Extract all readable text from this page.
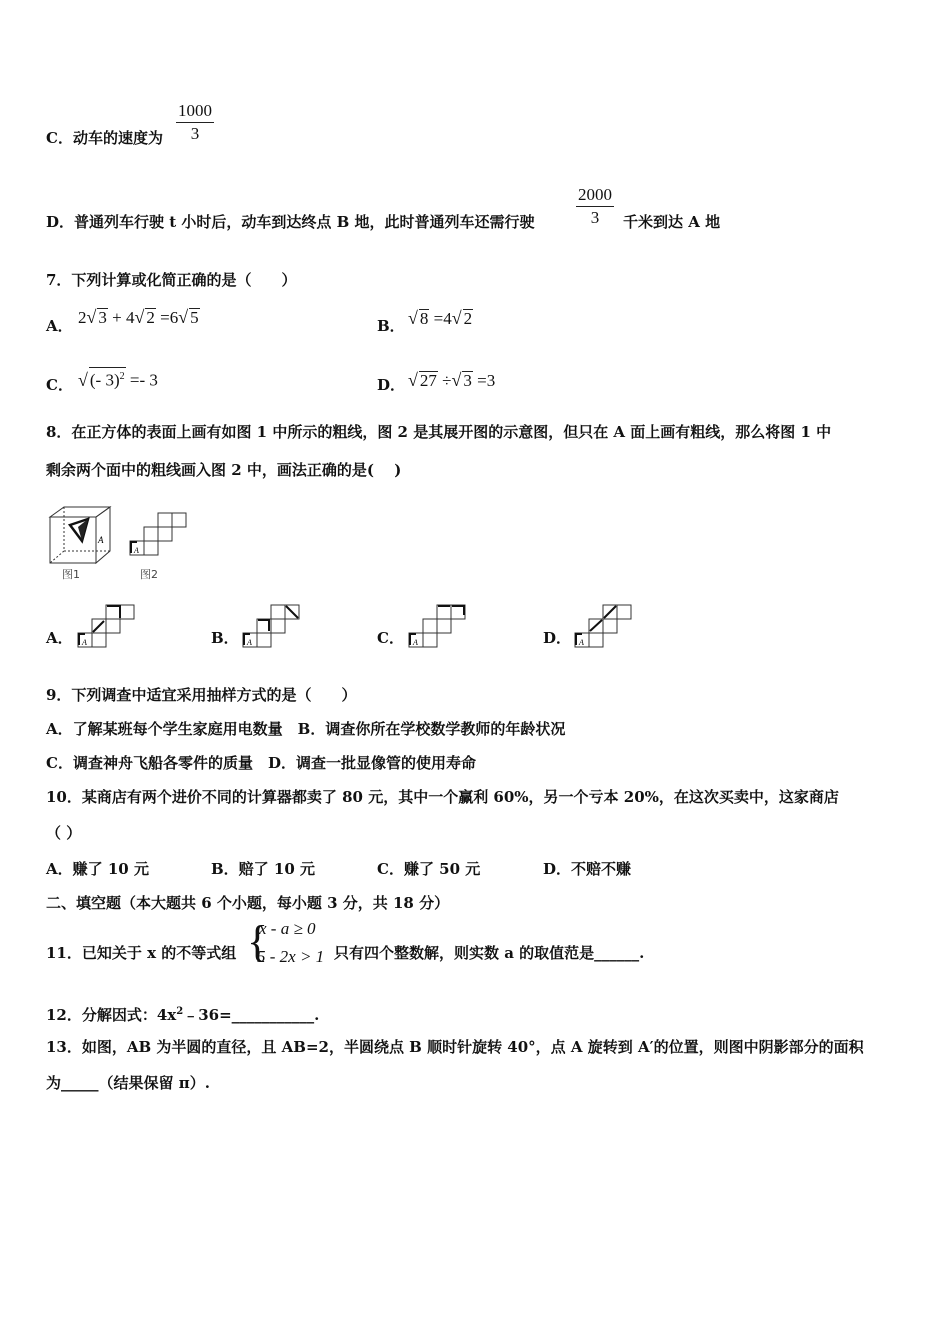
C．动车的速度为 $\frac{1000}{3}$
D．普通列车行驶 t 小时后，动车到达终点 B 地，此时普通列车还需行驶 $\frac{2000}{3}$ 千米到达 A 地
7．下列计算或化简正确的是（　　）
A． 2√ 3 + 4√ 2 =6√ 5	B． √ 8 =4√ 2
C． √ (- 3)$^2$ =- 3	D． √ 27 ÷√ 3 =3
8．在正方体的表面上画有如图 1 中所示的粗线，图 2 是其展开图的示意图，但只在 A 面上画有粗线，那么将图 1 中
剩余两个面中的粗线画入图 2 中，画法正确的是(　 )
A
图1
A
图2
A． A	B． A	C． A	D． A
9．下列调查中适宜采用抽样方式的是（　　）
A．了解某班每个学生家庭用电数量　B．调查你所在学校数学教师的年龄状况
C．调查神舟飞船各零件的质量　D．调查一批显像管的使用寿命
10．某商店有两个进价不同的计算器都卖了 80 元，其中一个赢利 60%，另一个亏本 20%，在这次买卖中，这家商店
（ ）
A．赚了 10 元	B．赔了 10 元	C．赚了 50 元	D．不赔不赚
二、填空题（本大题共 6 个小题，每小题 3 分，共 18 分）
11．已知关于 x 的不等式组 {
x - a ≥ 0
5 - 2x > 1 只有四个整数解，则实数 a 的取值范是______.
12．分解因式：$4x^2﹣36=\_\_\_\_\_\_\_\_\_\_\_$.
13．如图，AB 为半圆的直径，且 AB=2，半圆绕点 B 顺时针旋转 40°，点 A 旋转到 A′的位置，则图中阴影部分的面积
为_____（结果保留 π）.
